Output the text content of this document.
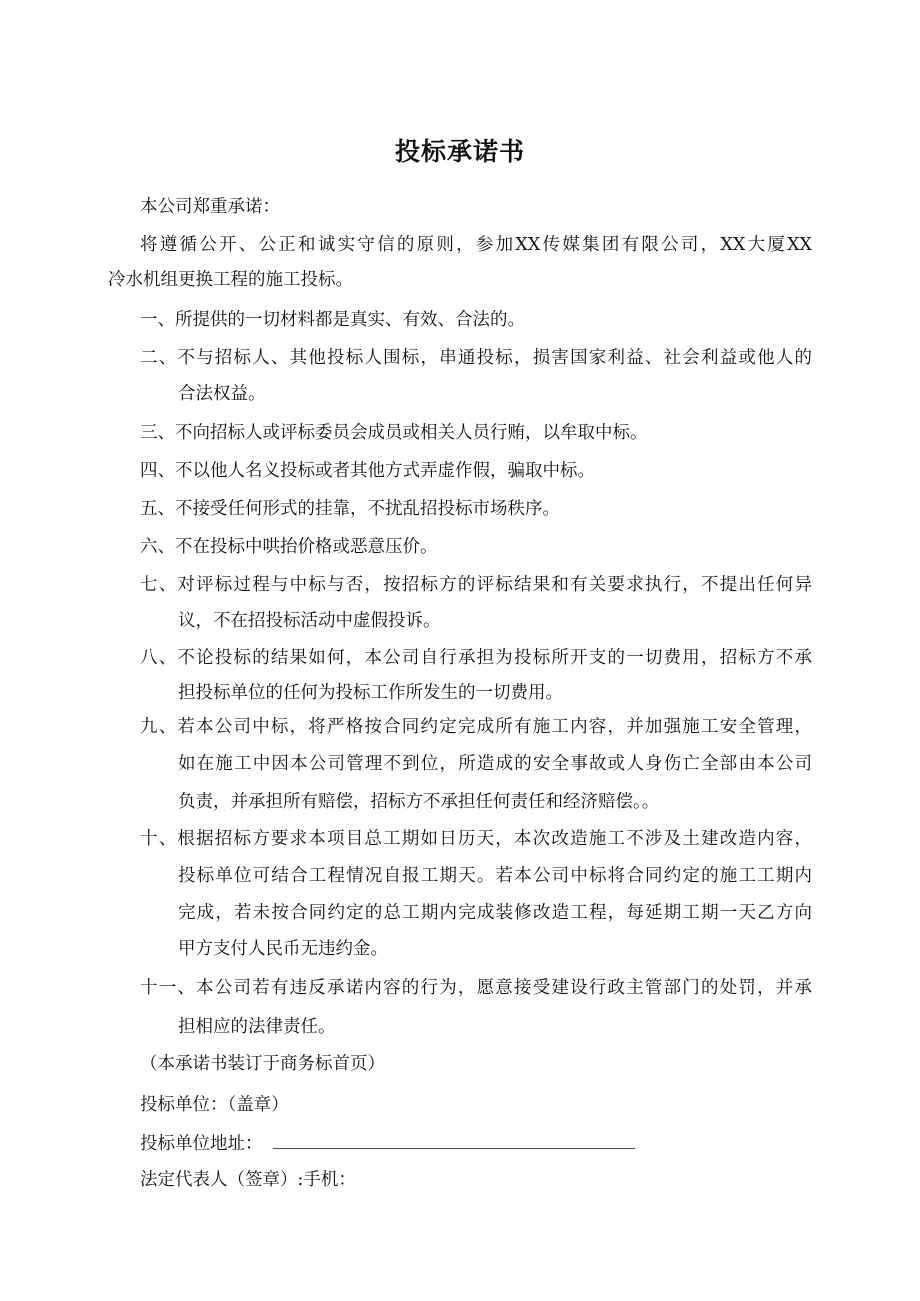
投标承诺书
本公司郑重承诺：
将遵循公开、公正和诚实守信的原则，参加XX传媒集团有限公司，XX大厦XX
冷水机组更换工程的施工投标。
一、所提供的一切材料都是真实、有效、合法的。
二、不与招标人、其他投标人围标，串通投标，损害国家利益、社会利益或他人的
合法权益。
三、不向招标人或评标委员会成员或相关人员行贿，以牟取中标。
四、不以他人名义投标或者其他方式弄虚作假，骗取中标。
五、不接受任何形式的挂靠，不扰乱招投标市场秩序。
六、不在投标中哄抬价格或恶意压价。
七、对评标过程与中标与否，按招标方的评标结果和有关要求执行，不提出任何异
议，不在招投标活动中虚假投诉。
八、不论投标的结果如何，本公司自行承担为投标所开支的一切费用，招标方不承
担投标单位的任何为投标工作所发生的一切费用。
九、若本公司中标，将严格按合同约定完成所有施工内容，并加强施工安全管理，
如在施工中因本公司管理不到位，所造成的安全事故或人身伤亡全部由本公司
负责，并承担所有赔偿，招标方不承担任何责任和经济赔偿。。
十、根据招标方要求本项目总工期如日历天，本次改造施工不涉及土建改造内容，
投标单位可结合工程情况自报工期天。若本公司中标将合同约定的施工工期内
完成，若未按合同约定的总工期内完成装修改造工程，每延期工期一天乙方向
甲方支付人民币无违约金。
十一、本公司若有违反承诺内容的行为，愿意接受建设行政主管部门的处罚，并承
担相应的法律责任。
（本承诺书装订于商务标首页）
投标单位：（盖章）
投标单位地址：
法定代表人（签章）:手机：
